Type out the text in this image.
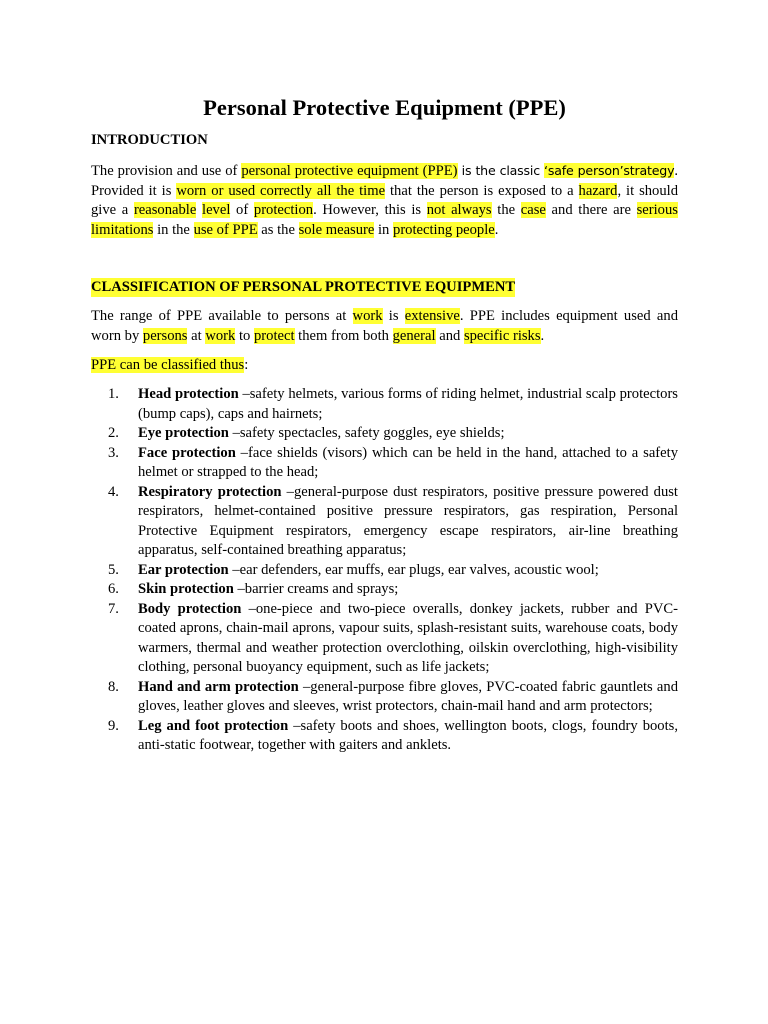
Personal Protective Equipment (PPE)

INTRODUCTION

The provision and use of personal protective equipment (PPE) is the classic ‘safe person’strategy.
Provided it is worn or used correctly all the time that the person is exposed to a hazard, it should
give a reasonable level of protection. However, this is not always the case and there are serious
limitations in the use of PPE as the sole measure in protecting people.

CLASSIFICATION OF PERSONAL PROTECTIVE EQUIPMENT

The range of PPE available to persons at work is extensive. PPE includes equipment used and
worn by persons at work to protect them from both general and specific risks.
PPE can be classified thus:
1. Head protection –safety helmets, various forms of riding helmet, industrial scalp protectors (bump caps), caps and hairnets;
2. Eye protection –safety spectacles, safety goggles, eye shields;
3. Face protection –face shields (visors) which can be held in the hand, attached to a safety helmet or strapped to the head;
4. Respiratory protection –general-purpose dust respirators, positive pressure powered dust respirators, helmet-contained positive pressure respirators, gas respiration, Personal Protective Equipment respirators, emergency escape respirators, air-line breathing apparatus, self-contained breathing apparatus;
5. Ear protection –ear defenders, ear muffs, ear plugs, ear valves, acoustic wool;
6. Skin protection –barrier creams and sprays;
7. Body protection –one-piece and two-piece overalls, donkey jackets, rubber and PVC-coated aprons, chain-mail aprons, vapour suits, splash-resistant suits, warehouse coats, body warmers, thermal and weather protection overclothing, oilskin overclothing, high-visibility clothing, personal buoyancy equipment, such as life jackets;
8. Hand and arm protection –general-purpose fibre gloves, PVC-coated fabric gauntlets and gloves, leather gloves and sleeves, wrist protectors, chain-mail hand and arm protectors;
9. Leg and foot protection –safety boots and shoes, wellington boots, clogs, foundry boots, anti-static footwear, together with gaiters and anklets.
